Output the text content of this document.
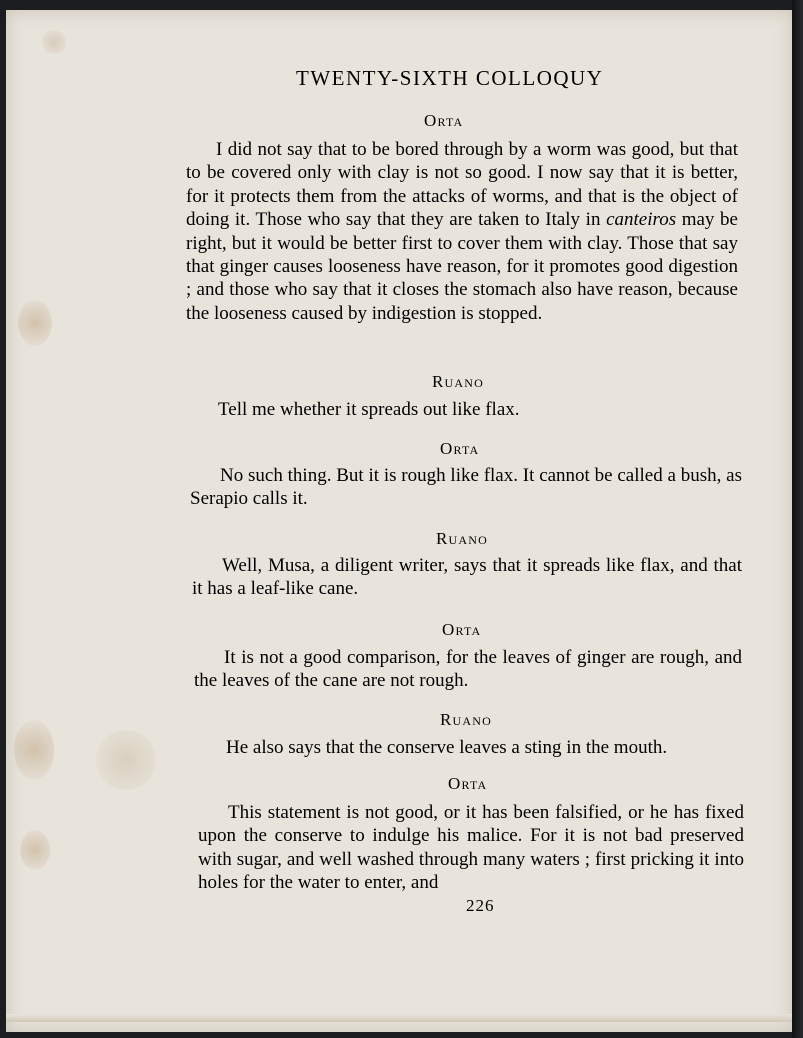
TWENTY-SIXTH COLLOQUY
Orta
I did not say that to be bored through by a worm was good, but that to be covered only with clay is not so good. I now say that it is better, for it protects them from the attacks of worms, and that is the object of doing it. Those who say that they are taken to Italy in canteiros may be right, but it would be better first to cover them with clay. Those that say that ginger causes looseness have reason, for it promotes good digestion ; and those who say that it closes the stomach also have reason, because the looseness caused by indigestion is stopped.
Ruano
Tell me whether it spreads out like flax.
Orta
No such thing. But it is rough like flax. It cannot be called a bush, as Serapio calls it.
Ruano
Well, Musa, a diligent writer, says that it spreads like flax, and that it has a leaf-like cane.
Orta
It is not a good comparison, for the leaves of ginger are rough, and the leaves of the cane are not rough.
Ruano
He also says that the conserve leaves a sting in the mouth.
Orta
This statement is not good, or it has been falsified, or he has fixed upon the conserve to indulge his malice. For it is not bad preserved with sugar, and well washed through many waters ; first pricking it into holes for the water to enter, and
226
